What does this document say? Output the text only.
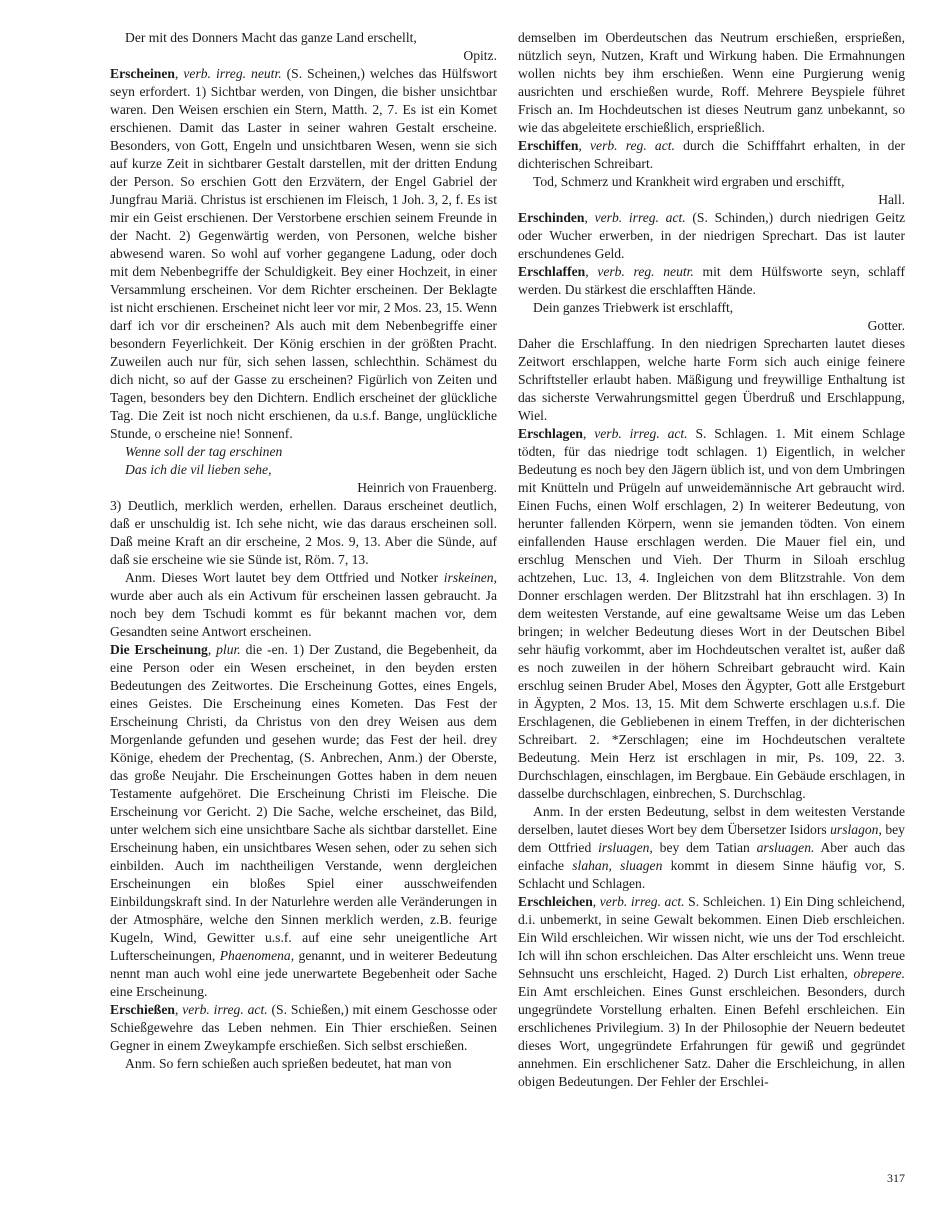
Der mit des Donners Macht das ganze Land erschellt,

Opitz.

Erscheinen, verb. irreg. neutr. (S. Scheinen,) welches das Hülfswort seyn erfordert. 1) Sichtbar werden, von Dingen, die bisher unsichtbar waren. Den Weisen erschien ein Stern, Matth. 2, 7. Es ist ein Komet erschienen. Damit das Laster in seiner wahren Gestalt erscheine. Besonders, von Gott, Engeln und unsichtbaren Wesen, wenn sie sich auf kurze Zeit in sichtbarer Gestalt darstellen, mit der dritten Endung der Person. So erschien Gott den Erzvätern, der Engel Gabriel der Jungfrau Mariä. Christus ist erschienen im Fleisch, 1 Joh. 3, 2, f. Es ist mir ein Geist erschienen. Der Verstorbene erschien seinem Freunde in der Nacht. 2) Gegenwärtig werden, von Personen, welche bisher abwesend waren. So wohl auf vorher gegangene Ladung, oder doch mit dem Nebenbegriffe der Schuldigkeit. Bey einer Hochzeit, in einer Versammlung erscheinen. Vor dem Richter erscheinen. Der Beklagte ist nicht erschienen. Erscheinet nicht leer vor mir, 2 Mos. 23, 15. Wenn darf ich vor dir erscheinen? Als auch mit dem Nebenbegriffe einer besondern Feyerlichkeit. Der König erschien in der größten Pracht. Zuweilen auch nur für, sich sehen lassen, schlechthin. Schämest du dich nicht, so auf der Gasse zu erscheinen? Figürlich von Zeiten und Tagen, besonders bey den Dichtern. Endlich erscheinet der glückliche Tag. Die Zeit ist noch nicht erschienen, da u.s.f. Bange, unglückliche Stunde, o erscheine nie! Sonnenf.

Wenne soll der tag erschinen

Das ich die vil lieben sehe,

Heinrich von Frauenberg.

3) Deutlich, merklich werden, erhellen. Daraus erscheinet deutlich, daß er unschuldig ist. Ich sehe nicht, wie das daraus erscheinen soll. Daß meine Kraft an dir erscheine, 2 Mos. 9, 13. Aber die Sünde, auf daß sie erscheine wie sie Sünde ist, Röm. 7, 13.

Anm. Dieses Wort lautet bey dem Ottfried und Notker irskeinen, wurde aber auch als ein Activum für erscheinen lassen gebraucht. Ja noch bey dem Tschudi kommt es für bekannt machen vor, dem Gesandten seine Antwort erscheinen.

Die Erscheinung, plur. die -en. 1) Der Zustand, die Begebenheit, da eine Person oder ein Wesen erscheinet, in den beyden ersten Bedeutungen des Zeitwortes. Die Erscheinung Gottes, eines Engels, eines Geistes. Die Erscheinung eines Kometen. Das Fest der Erscheinung Christi, da Christus von den drey Weisen aus dem Morgenlande gefunden und gesehen wurde; das Fest der heil. drey Könige, ehedem der Prechentag, (S. Anbrechen, Anm.) der Oberste, das große Neujahr. Die Erscheinungen Gottes haben in dem neuen Testamente aufgehöret. Die Erscheinung Christi im Fleische. Die Erscheinung vor Gericht. 2) Die Sache, welche erscheinet, das Bild, unter welchem sich eine unsichtbare Sache als sichtbar darstellet. Eine Erscheinung haben, ein unsichtbares Wesen sehen, oder zu sehen sich einbilden. Auch im nachtheiligen Verstande, wenn dergleichen Erscheinungen ein bloßes Spiel einer ausschweifenden Einbildungskraft sind. In der Naturlehre werden alle Veränderungen in der Atmosphäre, welche den Sinnen merklich werden, z.B. feurige Kugeln, Wind, Gewitter u.s.f. auf eine sehr uneigentliche Art Lufterscheinungen, Phaenomena, genannt, und in weiterer Bedeutung nennt man auch wohl eine jede unerwartete Begebenheit oder Sache eine Erscheinung.

Erschießen, verb. irreg. act. (S. Schießen,) mit einem Geschosse oder Schießgewehre das Leben nehmen. Ein Thier erschießen. Seinen Gegner in einem Zweykampfe erschießen. Sich selbst erschießen.

Anm. So fern schießen auch sprießen bedeutet, hat man von

demselben im Oberdeutschen das Neutrum erschießen, ersprießen, nützlich seyn, Nutzen, Kraft und Wirkung haben. Die Ermahnungen wollen nichts bey ihm erschießen. Wenn eine Purgierung wenig ausrichten und erschießen wurde, Roff. Mehrere Beyspiele führet Frisch an. Im Hochdeutschen ist dieses Neutrum ganz unbekannt, so wie das abgeleitete erschießlich, ersprießlich.

Erschiffen, verb. reg. act. durch die Schifffahrt erhalten, in der dichterischen Schreibart.

Tod, Schmerz und Krankheit wird ergraben und erschifft,

Hall.

Erschinden, verb. irreg. act. (S. Schinden,) durch niedrigen Geitz oder Wucher erwerben, in der niedrigen Sprechart. Das ist lauter erschundenes Geld.

Erschlaffen, verb. reg. neutr. mit dem Hülfsworte seyn, schlaff werden. Du stärkest die erschlafften Hände.

Dein ganzes Triebwerk ist erschlafft,

Gotter.

Daher die Erschlaffung. In den niedrigen Sprecharten lautet dieses Zeitwort erschlappen, welche harte Form sich auch einige feinere Schriftsteller erlaubt haben. Mäßigung und freywillige Enthaltung ist das sicherste Verwahrungsmittel gegen Überdruß und Erschlappung, Wiel.

Erschlagen, verb. irreg. act. S. Schlagen. 1. Mit einem Schlage tödten, für das niedrige todt schlagen. 1) Eigentlich, in welcher Bedeutung es noch bey den Jägern üblich ist, und von dem Umbringen mit Knütteln und Prügeln auf unweidemännische Art gebraucht wird. Einen Fuchs, einen Wolf erschlagen, 2) In weiterer Bedeutung, von herunter fallenden Körpern, wenn sie jemanden tödten. Von einem einfallenden Hause erschlagen werden. Die Mauer fiel ein, und erschlug Menschen und Vieh. Der Thurm in Siloah erschlug achtzehen, Luc. 13, 4. Ingleichen von dem Blitzstrahle. Von dem Donner erschlagen werden. Der Blitzstrahl hat ihn erschlagen. 3) In dem weitesten Verstande, auf eine gewaltsame Weise um das Leben bringen; in welcher Bedeutung dieses Wort in der Deutschen Bibel sehr häufig vorkommt, aber im Hochdeutschen veraltet ist, außer daß es noch zuweilen in der höhern Schreibart gebraucht wird. Kain erschlug seinen Bruder Abel, Moses den Ägypter, Gott alle Erstgeburt in Ägypten, 2 Mos. 13, 15. Mit dem Schwerte erschlagen u.s.f. Die Erschlagenen, die Gebliebenen in einem Treffen, in der dichterischen Schreibart. 2. *Zerschlagen; eine im Hochdeutschen veraltete Bedeutung. Mein Herz ist erschlagen in mir, Ps. 109, 22. 3. Durchschlagen, einschlagen, im Bergbaue. Ein Gebäude erschlagen, in dasselbe durchschlagen, einbrechen, S. Durchschlag.

Anm. In der ersten Bedeutung, selbst in dem weitesten Verstande derselben, lautet dieses Wort bey dem Übersetzer Isidors urslagon, bey dem Ottfried irsluagen, bey dem Tatian arsluagen. Aber auch das einfache slahan, sluagen kommt in diesem Sinne häufig vor, S. Schlacht und Schlagen.

Erschleichen, verb. irreg. act. S. Schleichen. 1) Ein Ding schleichend, d.i. unbemerkt, in seine Gewalt bekommen. Einen Dieb erschleichen. Ein Wild erschleichen. Wir wissen nicht, wie uns der Tod erschleicht. Ich will ihn schon erschleichen. Das Alter erschleicht uns. Wenn treue Sehnsucht uns erschleicht, Haged. 2) Durch List erhalten, obrepere. Ein Amt erschleichen. Eines Gunst erschleichen. Besonders, durch ungegründete Vorstellung erhalten. Einen Befehl erschleichen. Ein erschlichenes Privilegium. 3) In der Philosophie der Neuern bedeutet dieses Wort, ungegründete Erfahrungen für gewiß und gegründet annehmen. Ein erschlichener Satz. Daher die Erschleichung, in allen obigen Bedeutungen. Der Fehler der Erschlei-

317
